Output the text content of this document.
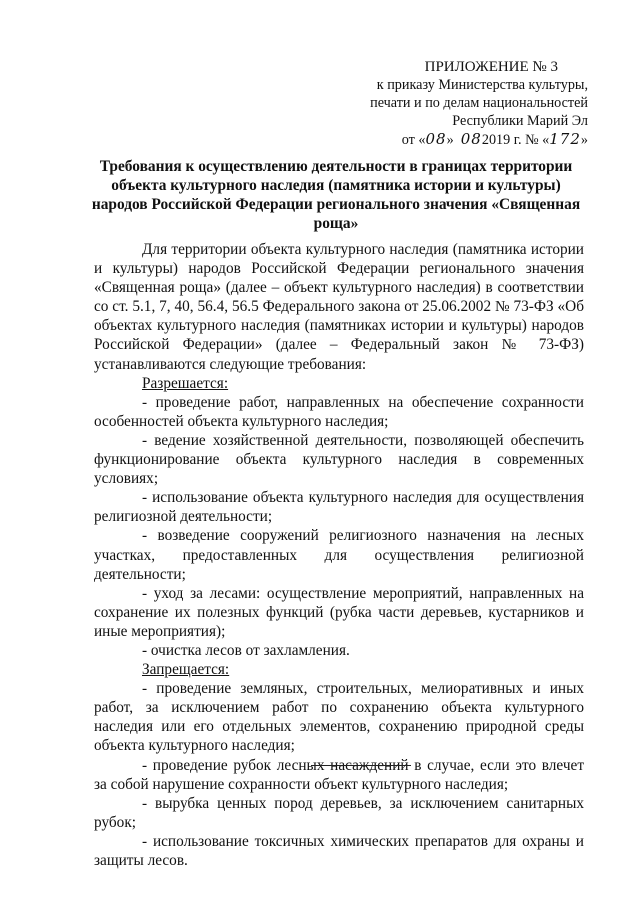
ПРИЛОЖЕНИЕ № 3
к приказу Министерства культуры,
печати и по делам национальностей
Республики Марий Эл
от «08» 082019 г. № «172»
Требования к осуществлению деятельности в границах территории объекта культурного наследия (памятника истории и культуры) народов Российской Федерации регионального значения «Священная роща»

Для территории объекта культурного наследия (памятника истории и культуры) народов Российской Федерации регионального значения «Священная роща» (далее – объект культурного наследия) в соответствии со ст. 5.1, 7, 40, 56.4, 56.5 Федерального закона от 25.06.2002 № 73-ФЗ «Об объектах культурного наследия (памятниках истории и культуры) народов Российской Федерации» (далее – Федеральный закон № 73-ФЗ) устанавливаются следующие требования:

Разрешается:

- проведение работ, направленных на обеспечение сохранности особенностей объекта культурного наследия;

- ведение хозяйственной деятельности, позволяющей обеспечить функционирование объекта культурного наследия в современных условиях;

- использование объекта культурного наследия для осуществления религиозной деятельности;

- возведение сооружений религиозного назначения на лесных участках, предоставленных для осуществления религиозной деятельности;

- уход за лесами: осуществление мероприятий, направленных на сохранение их полезных функций (рубка части деревьев, кустарников и иные мероприятия);

- очистка лесов от захламления.

Запрещается:

- проведение земляных, строительных, мелиоративных и иных работ, за исключением работ по сохранению объекта культурного наследия или его отдельных элементов, сохранению природной среды объекта культурного наследия;

- проведение рубок лесных насаждений в случае, если это влечет за собой нарушение сохранности объект культурного наследия;

- вырубка ценных пород деревьев, за исключением санитарных рубок;

- использование токсичных химических препаратов для охраны и защиты лесов.
